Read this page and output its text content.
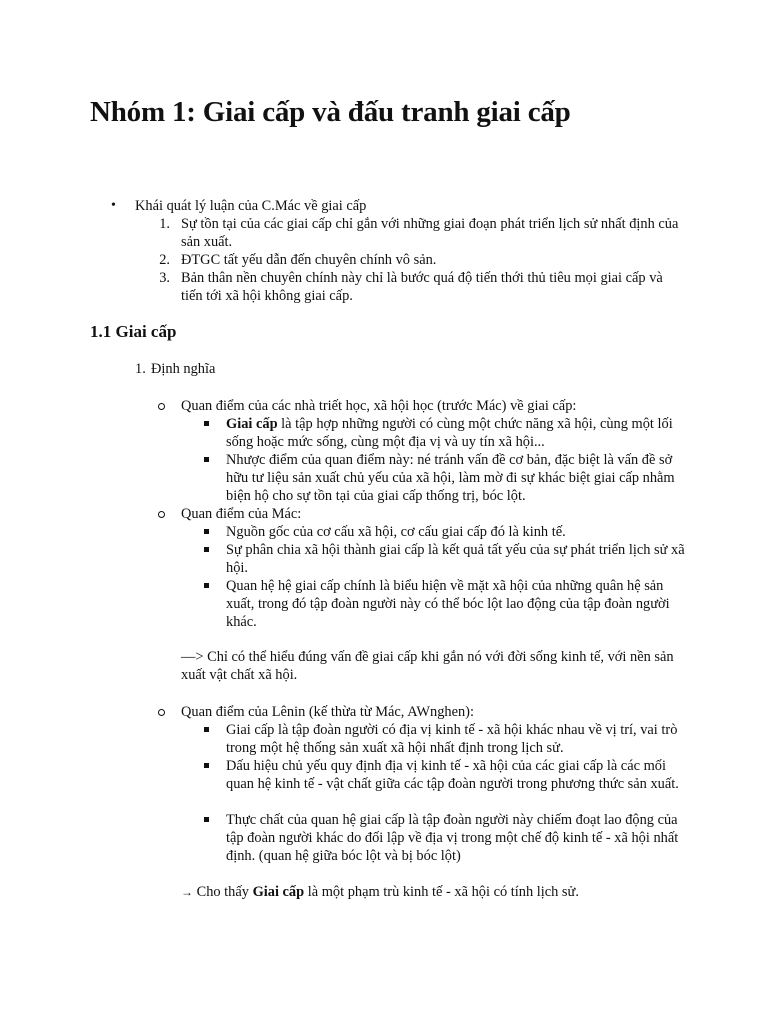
Nhóm 1: Giai cấp và đấu tranh giai cấp
• Khái quát lý luận của C.Mác về giai cấp

1. Sự tồn tại của các giai cấp chỉ gắn với những giai đoạn phát triển lịch sử nhất định của sản xuất.

2. ĐTGC tất yếu dẫn đến chuyên chính vô sản.

3. Bản thân nền chuyên chính này chỉ là bước quá độ tiến thới thủ tiêu mọi giai cấp và tiến tới xã hội không giai cấp.

1.1 Giai cấp
1. Định nghĩa

Quan điểm của các nhà triết học, xã hội học (trước Mác) về giai cấp:

Giai cấp là tập hợp những người có cùng một chức năng xã hội, cùng một lối sống hoặc mức sống, cùng một địa vị và uy tín xã hội...

Nhược điểm của quan điểm này: né tránh vấn đề cơ bản, đặc biệt là vấn đề sở hữu tư liệu sản xuất chủ yếu của xã hội, làm mờ đi sự khác biệt giai cấp nhằm biện hộ cho sự tồn tại của giai cấp thống trị, bóc lột.

Quan điểm của Mác:

Nguồn gốc của cơ cấu xã hội, cơ cấu giai cấp đó là kinh tế.

Sự phân chia xã hội thành giai cấp là kết quả tất yếu của sự phát triển lịch sử xã hội.

Quan hệ hệ giai cấp chính là biểu hiện về mặt xã hội của những quân hệ sản xuất, trong đó tập đoàn người này có thể bóc lột lao động của tập đoàn người khác.

—> Chỉ có thể hiểu đúng vấn đề giai cấp khi gắn nó với đời sống kinh tế, với nền sản xuất vật chất xã hội.

Quan điểm của Lênin (kế thừa từ Mác, AWnghen):

Giai cấp là tập đoàn người có địa vị kinh tế - xã hội khác nhau về vị trí, vai trò trong một hệ thống sản xuất xã hội nhất định trong lịch sử.

Dấu hiệu chủ yếu quy định địa vị kinh tế - xã hội của các giai cấp là các mối quan hệ kinh tế - vật chất giữa các tập đoàn người trong phương thức sản xuất.

Thực chất của quan hệ giai cấp là tập đoàn người này chiếm đoạt lao động của tập đoàn người khác do đối lập về địa vị trong một chế độ kinh tế - xã hội nhất định. (quan hệ giữa bóc lột và bị bóc lột)

→ Cho thấy Giai cấp là một phạm trù kinh tế - xã hội có tính lịch sử.
